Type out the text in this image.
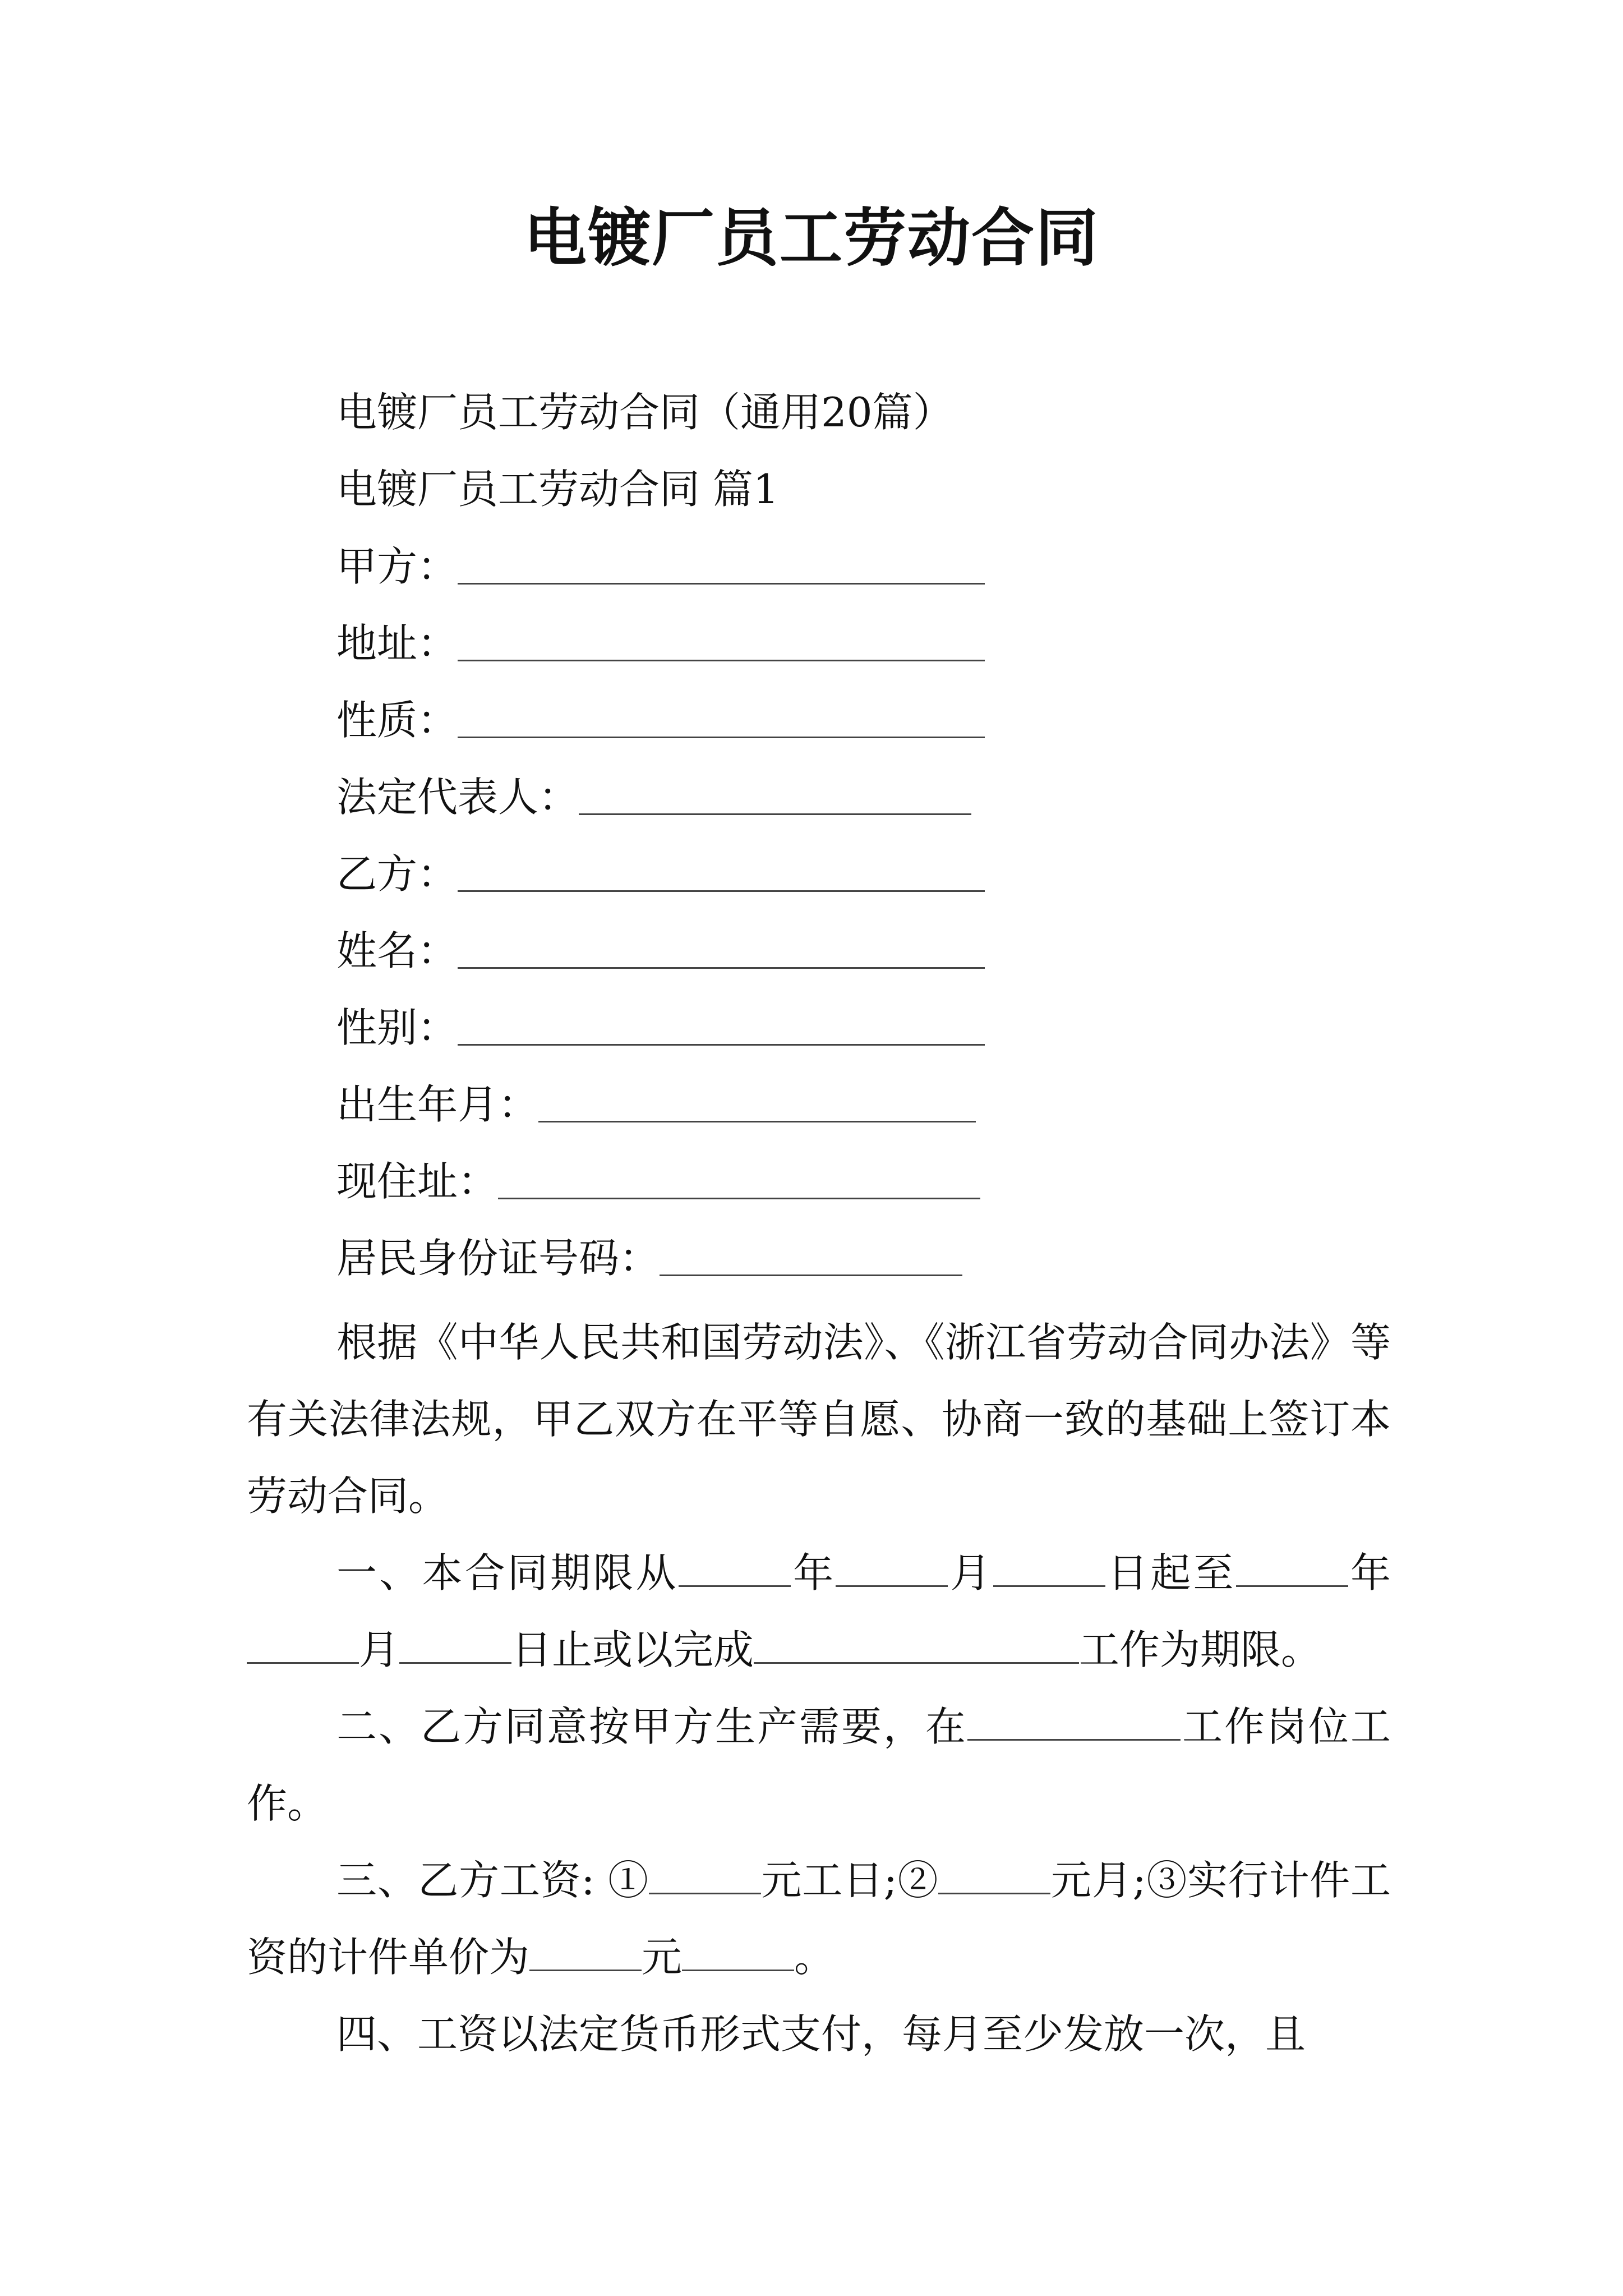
电镀厂员工劳动合同
电镀厂员工劳动合同（通用20篇）
电镀厂员工劳动合同 篇1
甲方：
地址：
性质：
法定代表人：
乙方：
姓名：
性别：
出生年月：
现住址：
居民身份证号码：
根据《中华人民共和国劳动法》、《浙江省劳动合同办法》等有关法律法规，甲乙双方在平等自愿、协商一致的基础上签订本劳动合同。
一、本合同期限从	年	月	日起至	年月	日止或以完成	工作为期限。
二、乙方同意按甲方生产需要，在	工作岗位工作。
三、乙方工资: ①	元工日;②	元月;③实行计件工资的计件单价为	元	。
四、工资以法定货币形式支付，每月至少发放一次，且
